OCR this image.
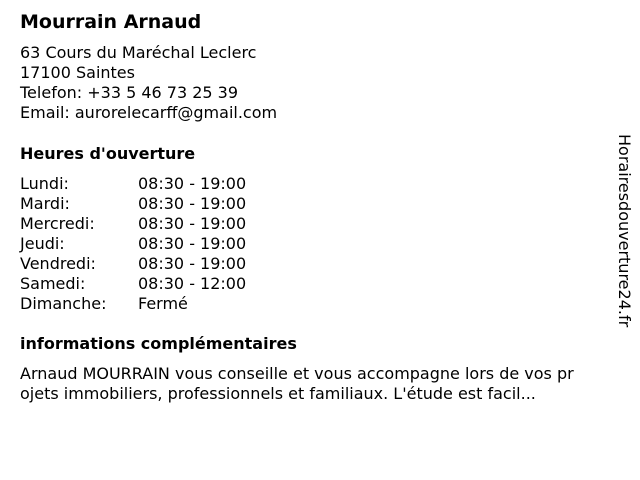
Mourrain Arnaud
63 Cours du Maréchal Leclerc
17100 Saintes
Telefon: +33 5 46 73 25 39
Email: aurorelecarff@gmail.com
Heures d'ouverture
Lundi:	08:30 - 19:00
Mardi:	08:30 - 19:00
Mercredi:	08:30 - 19:00
Jeudi:	08:30 - 19:00
Vendredi:	08:30 - 19:00
Samedi:	08:30 - 12:00
Dimanche:	Fermé
informations complémentaires
Arnaud MOURRAIN vous conseille et vous accompagne lors de vos pr
ojets immobiliers, professionnels et familiaux. L'étude est facil...
Horairesdouverture24.fr
